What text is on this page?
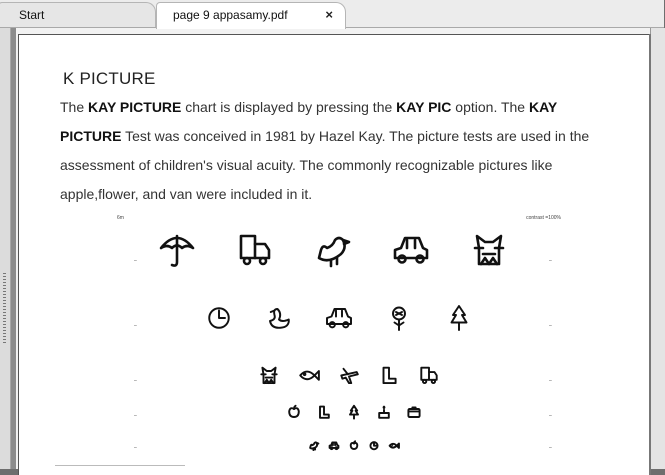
Start	page 9 appasamy.pdf	×
K PICTURE
The KAY PICTURE chart is displayed by pressing the KAY PIC option. The KAY PICTURE Test was conceived in 1981 by Hazel Kay. The picture tests are used in the assessment of children's visual acuity. The commonly recognizable pictures like apple,flower, and van were included in it.
6m	contrast =100%
–	–
–	–
–	–
–	–
–	–
